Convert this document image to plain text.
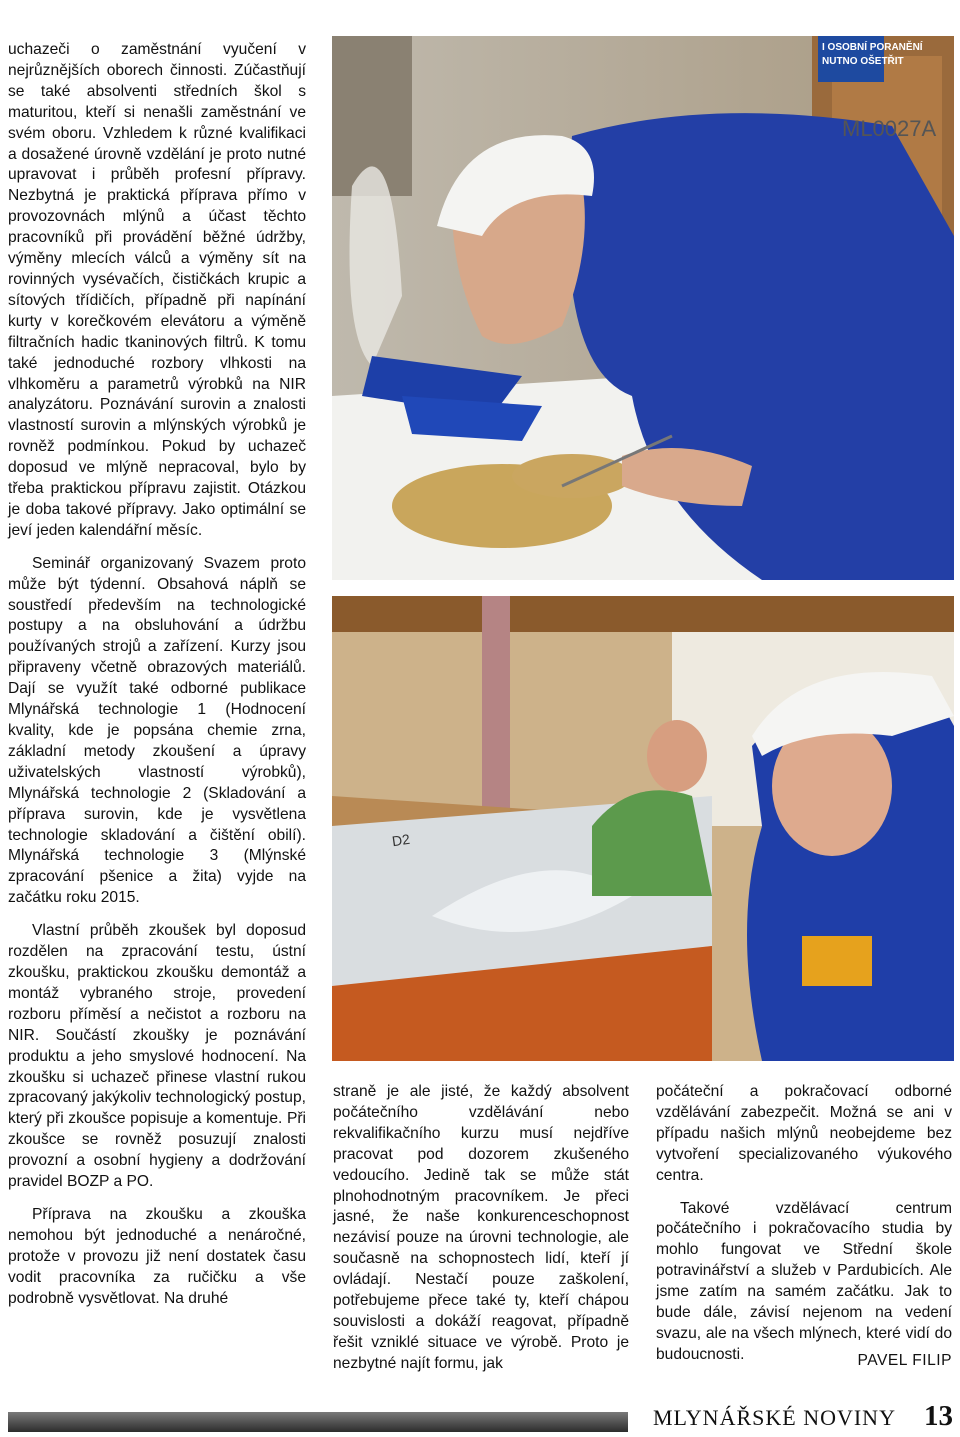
uchazeči o zaměstnání vyučení v nejrůznějších oborech činnosti. Zúčastňují se také absolventi středních škol s maturitou, kteří si nenašli zaměstnání ve svém oboru. Vzhledem k různé kvalifikaci a dosažené úrovně vzdělání je proto nutné upravovat i průběh profesní přípravy. Nezbytná je praktická příprava přímo v provozovnách mlýnů a účast těchto pracovníků při provádění běžné údržby, výměny mlecích válců a výměny sít na rovinných vysévačích, čističkách krupic a sítových třídičích, případně při napínání kurty v korečkovém elevátoru a výměně filtračních hadic tkaninových filtrů. K tomu také jednoduché rozbory vlhkosti na vlhkoměru a parametrů výrobků na NIR analyzátoru. Poznávání surovin a znalosti vlastností surovin a mlýnských výrobků je rovněž podmínkou. Pokud by uchazeč doposud ve mlýně nepracoval, bylo by třeba praktickou přípravu zajistit. Otázkou je doba takové přípravy. Jako optimální se jeví jeden kalendářní měsíc.

Seminář organizovaný Svazem proto může být týdenní. Obsahová náplň se soustředí především na technologické postupy a na obsluhování a údržbu používaných strojů a zařízení. Kurzy jsou připraveny včetně obrazových materiálů. Dají se využít také odborné publikace Mlynářská technologie 1 (Hodnocení kvality, kde je popsána chemie zrna, základní metody zkoušení a úpravy uživatelských vlastností výrobků), Mlynářská technologie 2 (Skladování a příprava surovin, kde je vysvětlena technologie skladování a čištění obilí). Mlynářská technologie 3 (Mlýnské zpracování pšenice a žita) vyjde na začátku roku 2015.

Vlastní průběh zkoušek byl doposud rozdělen na zpracování testu, ústní zkoušku, praktickou zkoušku demontáž a montáž vybraného stroje, provedení rozboru příměsí a nečistot a rozboru na NIR. Součástí zkoušky je poznávání produktu a jeho smyslové hodnocení. Na zkoušku si uchazeč přinese vlastní rukou zpracovaný jakýkoliv technologický postup, který při zkoušce popisuje a komentuje. Při zkoušce se rovněž posuzují znalosti provozní a osobní hygieny a dodržování pravidel BOZP a PO.

Příprava na zkoušku a zkouška nemohou být jednoduché a nenáročné, protože v provozu již není dostatek času vodit pracovníka za ručičku a vše podrobně vysvětlovat. Na druhé

I OSOBNÍ PORANĚNÍ
NUTNO OŠETŘIT
ML0027A
D2

straně je ale jisté, že každý absolvent počátečního vzdělávání nebo rekvalifikačního kurzu musí nejdříve pracovat pod dozorem zkušeného vedoucího. Jedině tak se může stát plnohodnotným pracovníkem. Je přeci jasné, že naše konkurenceschopnost nezávisí pouze na úrovni technologie, ale současně na schopnostech lidí, kteří jí ovládají. Nestačí pouze zaškolení, potřebujeme přece také ty, kteří chápou souvislosti a dokáží reagovat, případně řešit vzniklé situace ve výrobě. Proto je nezbytné najít formu, jak

počáteční a pokračovací odborné vzdělávání zabezpečit. Možná se ani v případu našich mlýnů neobejdeme bez vytvoření specializovaného výukového centra.

Takové vzdělávací centrum počátečního i pokračovacího studia by mohlo fungovat ve Střední škole potravinářství a služeb v Pardubicích. Ale jsme zatím na samém začátku. Jak to bude dále, závisí nejenom na vedení svazu, ale na všech mlýnech, které vidí do budoucnosti.	PAVEL FILIP
MLYNÁŘSKÉ NOVINY 13
